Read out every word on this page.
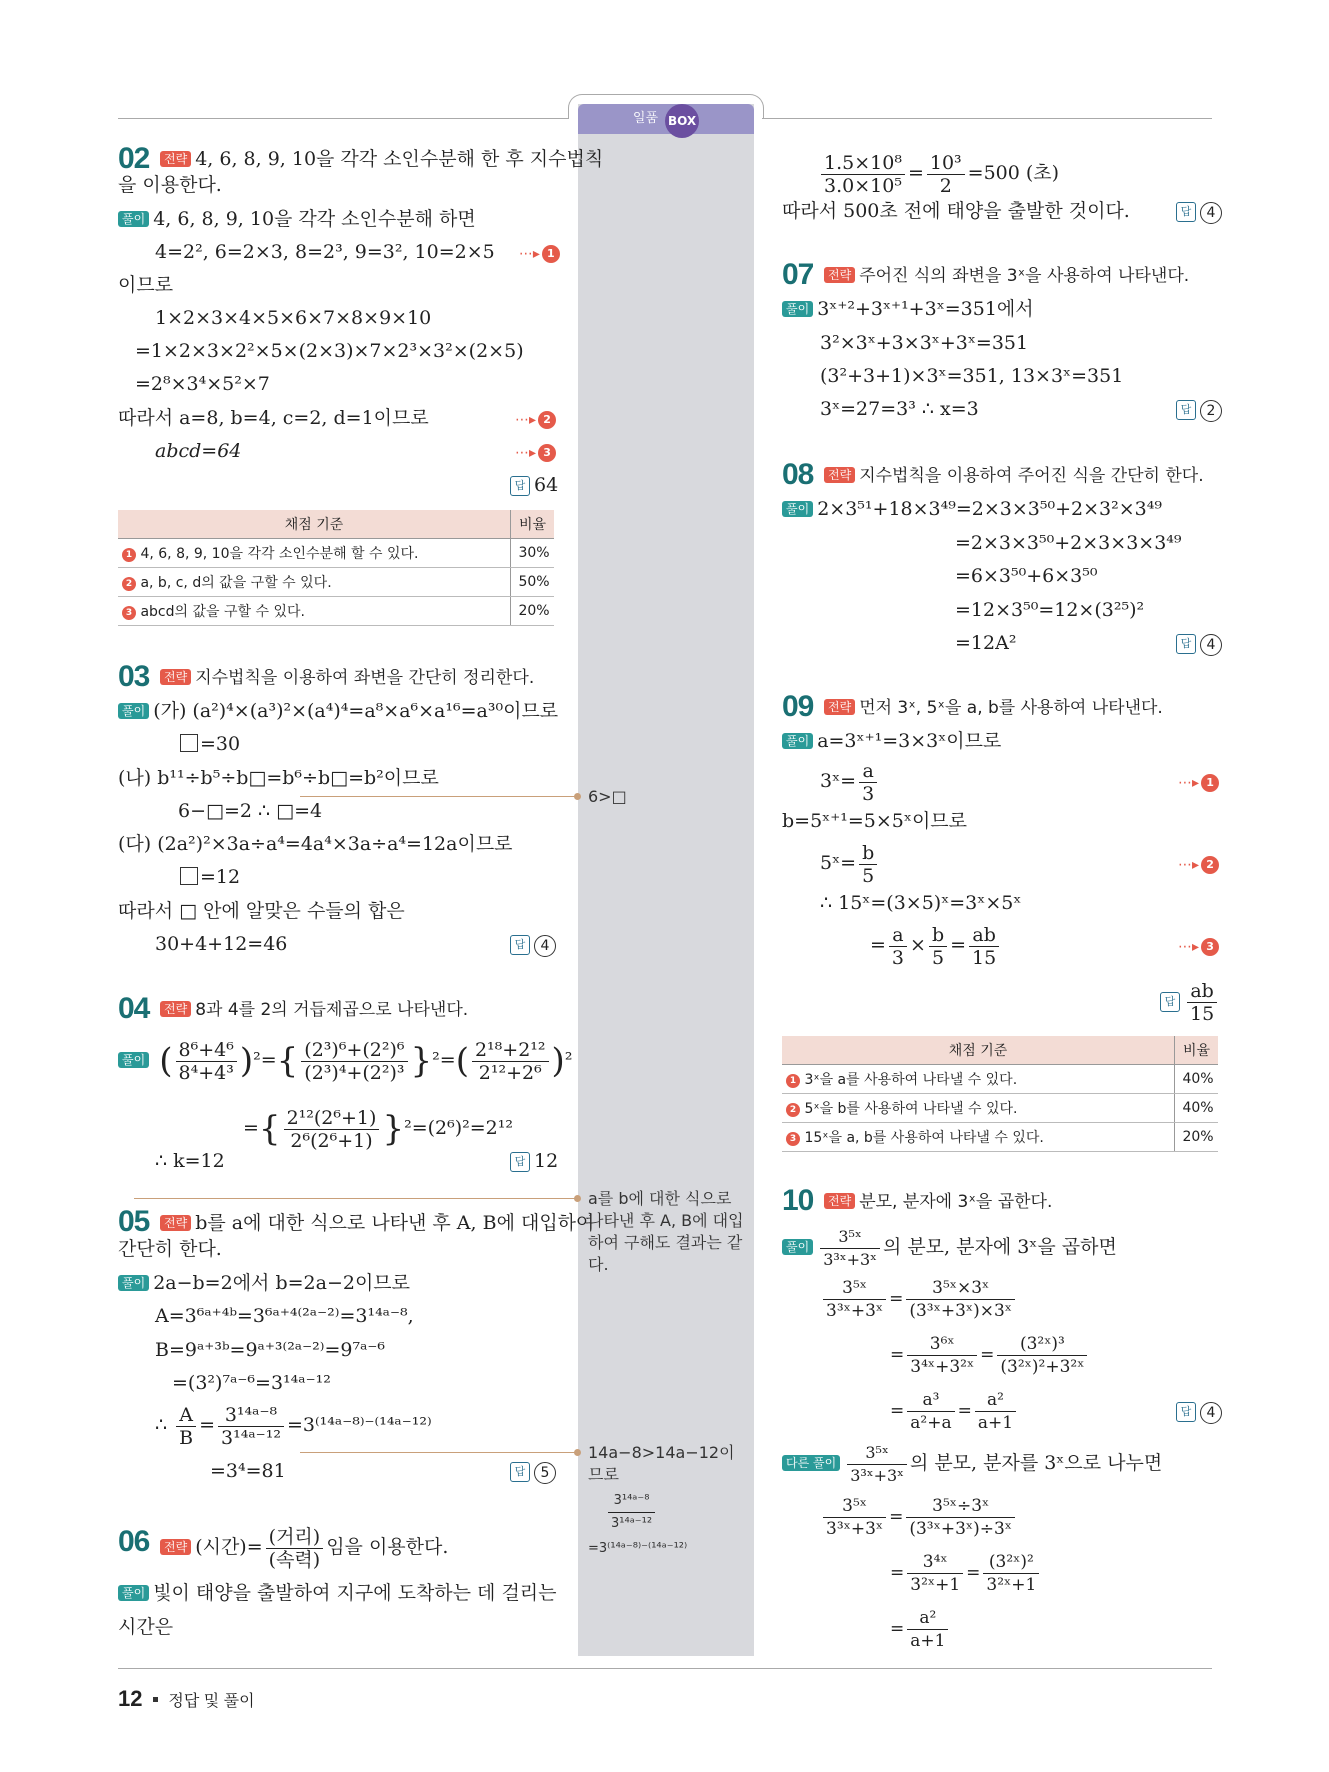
일품 BOX
02	전략 4, 6, 8, 9, 10을 각각 소인수분해 한 후 지수법칙
을 이용한다.
풀이 4, 6, 8, 9, 10을 각각 소인수분해 하면
4=2², 6=2×3, 8=2³, 9=3², 10=2×5 ⋯▸ 1
이므로
1×2×3×4×5×6×7×8×9×10
=1×2×3×2²×5×(2×3)×7×2³×3²×(2×5)
=2⁸×3⁴×5²×7
따라서 a=8, b=4, c=2, d=1이므로	⋯▸ 2
abcd=64	⋯▸ 3
답 64
채점 기준	비율
1 4, 6, 8, 9, 10을 각각 소인수분해 할 수 있다.	30%
2 a, b, c, d의 값을 구할 수 있다.	50%
3 abcd의 값을 구할 수 있다.	20%
03	전략 지수법칙을 이용하여 좌변을 간단히 정리한다.
풀이 (가) (a²)⁴×(a³)²×(a⁴)⁴=a⁸×a⁶×a¹⁶=a³⁰이므로
=30
(나) b¹¹÷b⁵÷b□=b⁶÷b□=b²이므로
6−□=2 ∴ □=4
(다) (2a²)²×3a÷a⁴=4a⁴×3a÷a⁴=12a이므로
=12
따라서 □ 안에 알맞은 수들의 합은
30+4+12=46	답 4
6>□
04	전략 8과 4를 2의 거듭제곱으로 나타낸다.
풀이 ( $\frac{\text{8⁶+4⁶}}{\text{8⁴+4³}} )^2=\{ \frac{\text{(2³)⁶+(2²)⁶}}{\text{(2³)⁴+(2²)³}} \}^2=( \frac{\text{2¹⁸+2¹²}}{\text{2¹²+2⁶}} )^2$
={ $\frac{\text{2¹²(2⁶+1)}}{\text{2⁶(2⁶+1)}} \}^2=(2^6)^2=2^{12}$
∴ k=12	답 12
05	전략 b를 a에 대한 식으로 나타낸 후 A, B에 대입하여
간단히 한다.
풀이 2a−b=2에서 b=2a−2이므로
A=3⁶ᵃ⁺⁴ᵇ=3⁶ᵃ⁺⁴⁽²ᵃ⁻²⁾=3¹⁴ᵃ⁻⁸,
B=9ᵃ⁺³ᵇ=9ᵃ⁺³⁽²ᵃ⁻²⁾=9⁷ᵃ⁻⁶
=(3²)⁷ᵃ⁻⁶=3¹⁴ᵃ⁻¹²
∴ $\frac{A}{B} = \frac{\text{3¹⁴ᵃ⁻⁸}}{\text{3¹⁴ᵃ⁻¹²}}$ =3⁽¹⁴ᵃ⁻⁸⁾⁻⁽¹⁴ᵃ⁻¹²⁾
=3⁴=81	답 5
a를 b에 대한 식으로 나타낸 후 A, B에 대입하여 구해도 결과는 같다.
14a−8>14a−12이므로
$\frac{\text{3¹⁴ᵃ⁻⁸}}{\text{3¹⁴ᵃ⁻¹²}}$
=3⁽¹⁴ᵃ⁻⁸⁾⁻⁽¹⁴ᵃ⁻¹²⁾
06	전략 (시간)= $\frac{\text{(거리)}}{\text{(속력)}}$ 임을 이용한다.
풀이 빛이 태양을 출발하여 지구에 도착하는 데 걸리는
시간은
$\frac{\text{1.5×10⁸}}{\text{3.0×10⁵}} = \frac{\text{10³}}{2} =500$ (초)
따라서 500초 전에 태양을 출발한 것이다.	답 4
07	전략 주어진 식의 좌변을 3ˣ을 사용하여 나타낸다.
풀이 3ˣ⁺²+3ˣ⁺¹+3ˣ=351에서
3²×3ˣ+3×3ˣ+3ˣ=351
(3²+3+1)×3ˣ=351, 13×3ˣ=351
3ˣ=27=3³ ∴ x=3	답 2
08	전략 지수법칙을 이용하여 주어진 식을 간단히 한다.
풀이 2×3⁵¹+18×3⁴⁹=2×3×3⁵⁰+2×3²×3⁴⁹
=2×3×3⁵⁰+2×3×3×3⁴⁹
=6×3⁵⁰+6×3⁵⁰
=12×3⁵⁰=12×(3²⁵)²
=12A²	답 4
09	전략 먼저 3ˣ, 5ˣ을 a, b를 사용하여 나타낸다.
풀이 a=3ˣ⁺¹=3×3ˣ이므로
3ˣ= $\frac{a}{3}$	⋯▸ 1
b=5ˣ⁺¹=5×5ˣ이므로
5ˣ= $\frac{b}{5}$	⋯▸ 2
∴ 15ˣ=(3×5)ˣ=3ˣ×5ˣ
= $\frac{a}{3} \times \frac{b}{5} = \frac{ab}{15}$	⋯▸ 3
답 $\frac{ab}{15}$
채점 기준	비율
1 3ˣ을 a를 사용하여 나타낼 수 있다.	40%
2 5ˣ을 b를 사용하여 나타낼 수 있다.	40%
3 15ˣ을 a, b를 사용하여 나타낼 수 있다.	20%
10	전략 분모, 분자에 3ˣ을 곱한다.
풀이 $\frac{\text{3⁵ˣ}}{\text{3³ˣ+3ˣ}}$ 의 분모, 분자에 3ˣ을 곱하면
$\frac{\text{3⁵ˣ}}{\text{3³ˣ+3ˣ}} = \frac{\text{3⁵ˣ×3ˣ}}{\text{(3³ˣ+3ˣ)×3ˣ}}$
= $\frac{\text{3⁶ˣ}}{\text{3⁴ˣ+3²ˣ}} = \frac{\text{(3²ˣ)³}}{\text{(3²ˣ)²+3²ˣ}}$
= $\frac{\text{a³}}{\text{a²+a}} = \frac{\text{a²}}{a+1}$	답 4
다른 풀이 $\frac{\text{3⁵ˣ}}{\text{3³ˣ+3ˣ}}$ 의 분모, 분자를 3ˣ으로 나누면
$\frac{\text{3⁵ˣ}}{\text{3³ˣ+3ˣ}} = \frac{\text{3⁵ˣ÷3ˣ}}{\text{(3³ˣ+3ˣ)÷3ˣ}}$
= $\frac{\text{3⁴ˣ}}{\text{3²ˣ+1}} = \frac{\text{(3²ˣ)²}}{\text{3²ˣ+1}}$
= $\frac{\text{a²}}{a+1}$
12 정답 및 풀이
